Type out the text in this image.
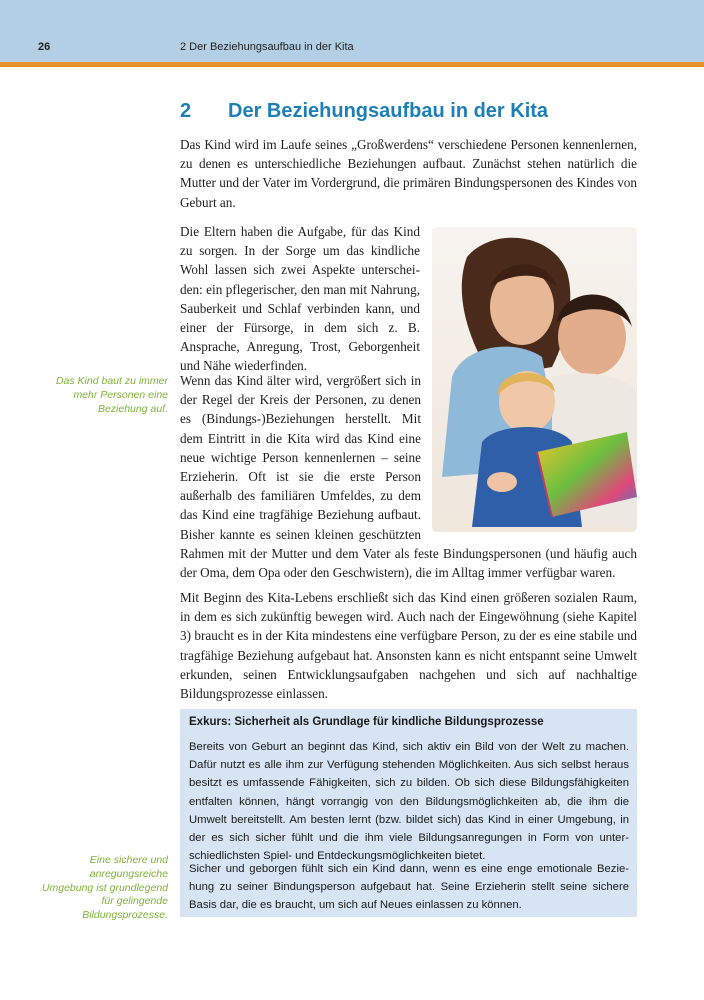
26	2 Der Beziehungsaufbau in der Kita
2 Der Beziehungsaufbau in der Kita

Das Kind wird im Laufe seines „Großwerdens“ verschiedene Personen kennenlernen, zu denen es unterschiedliche Beziehungen aufbaut. Zunächst stehen natürlich die Mutter und der Vater im Vordergrund, die primären Bindungspersonen des Kindes von Geburt an.

Die Eltern haben die Aufgabe, für das Kind zu sorgen. In der Sorge um das kindliche Wohl lassen sich zwei Aspekte unterscheiden: ein pflegerischer, den man mit Nahrung, Sauberkeit und Schlaf verbinden kann, und einer der Fürsorge, in dem sich z. B. Ansprache, Anregung, Trost, Geborgenheit und Nähe wiederfinden.

Wenn das Kind älter wird, vergrößert sich in der Regel der Kreis der Personen, zu denen es (Bindungs-)Beziehungen herstellt. Mit dem Eintritt in die Kita wird das Kind eine neue wichtige Person kennenlernen – seine Erzieherin. Oft ist sie die erste Person außerhalb des familiären Umfeldes, zu dem das Kind eine tragfähige Beziehung aufbaut. Bisher kannte es seinen kleinen geschützten Rahmen mit der Mutter und dem Vater als feste Bindungspersonen (und häufig auch der Oma, dem Opa oder den Geschwistern), die im Alltag immer verfügbar waren.

Mit Beginn des Kita-Lebens erschließt sich das Kind einen größeren sozialen Raum, in dem es sich zukünftig bewegen wird. Auch nach der Eingewöhnung (siehe Kapitel 3) braucht es in der Kita mindestens eine verfügbare Person, zu der es eine stabile und tragfähige Beziehung aufgebaut hat. Ansonsten kann es nicht entspannt seine Umwelt erkunden, seinen Entwicklungsaufgaben nachgehen und sich auf nachhaltige Bildungsprozesse einlassen.

Das Kind baut zu immer mehr Personen eine Beziehung auf.
Eine sichere und anregungsreiche Umgebung ist grundlegend für gelingende Bildungsprozesse.
Exkurs: Sicherheit als Grundlage für kindliche Bildungsprozesse

Bereits von Geburt an beginnt das Kind, sich aktiv ein Bild von der Welt zu machen. Dafür nutzt es alle ihm zur Verfügung stehenden Möglichkeiten. Aus sich selbst heraus besitzt es umfassende Fähigkeiten, sich zu bilden. Ob sich diese Bildungsfähigkeiten entfalten können, hängt vorrangig von den Bildungsmöglichkeiten ab, die ihm die Umwelt bereitstellt. Am besten lernt (bzw. bildet sich) das Kind in einer Umgebung, in der es sich sicher fühlt und die ihm viele Bildungsanregungen in Form von unterschiedlichsten Spiel- und Entdeckungsmöglichkeiten bietet.

Sicher und geborgen fühlt sich ein Kind dann, wenn es eine enge emotionale Beziehung zu seiner Bindungsperson aufgebaut hat. Seine Erzieherin stellt seine sichere Basis dar, die es braucht, um sich auf Neues einlassen zu können.
